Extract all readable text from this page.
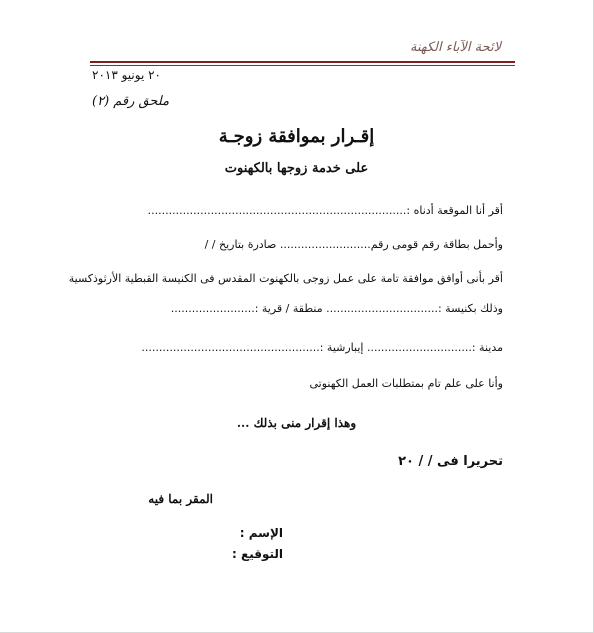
لائحة الآباء الكهنة
٢٠ يونيو ٢٠١٣
ملحق رقم (٢)
إقـرار بموافقة زوجـة
على خدمة زوجها بالكهنوت
أقر أنا الموقعة أدناه :..........................................................................
وأحمل بطاقة رقم قومى رقم.......................... صادرة بتاريخ / /
أقر بأنى أوافق موافقة تامة على عمل زوجى بالكهنوت المقدس فى الكنيسة القبطية الأرثوذكسية
وذلك بكنيسة :................................ منطقة / قرية :........................
مدينة :.............................. إيبارشية :...................................................
وأنا على علم تام بمتطلبات العمل الكهنوتى
وهذا إقرار منى بذلك ...
تحريرا فى / / ٢٠
المقر بما فيه
الإسم :
التوقيع :
